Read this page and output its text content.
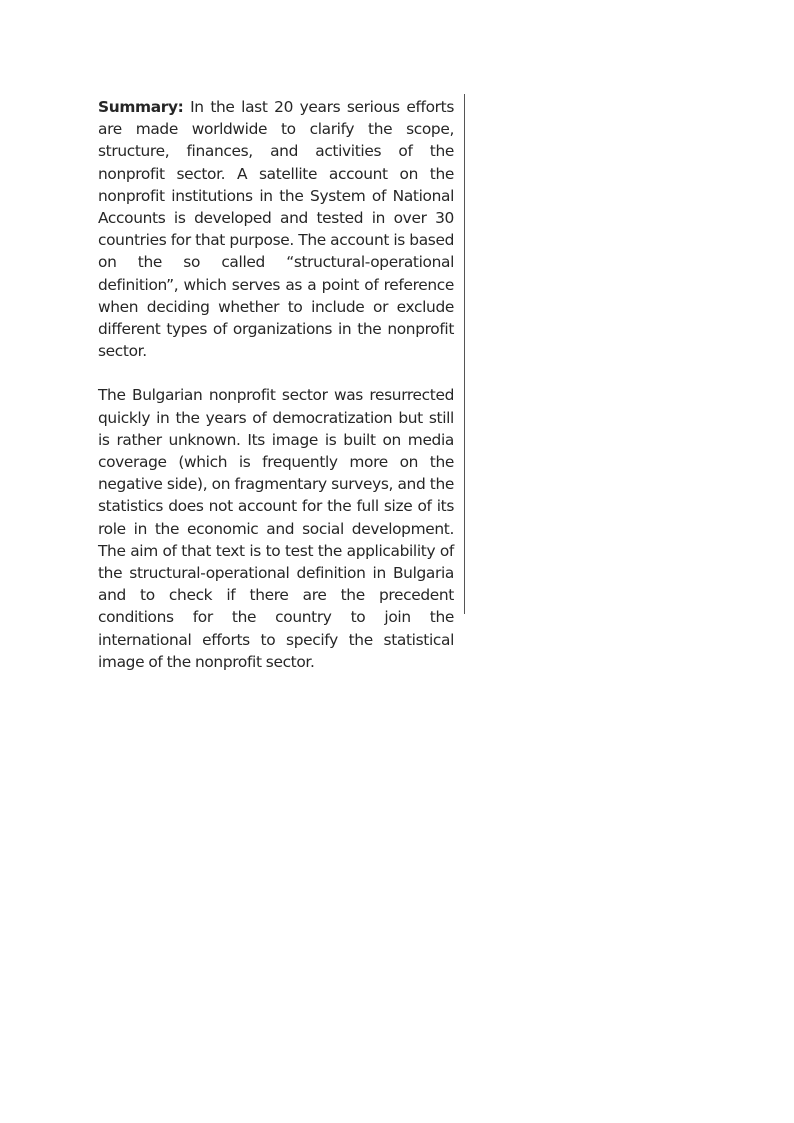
Summary: In the last 20 years serious efforts are made worldwide to clarify the scope, structure, finances, and activities of the nonprofit sector. A satellite account on the nonprofit institutions in the System of National Accounts is developed and tested in over 30 countries for that purpose. The account is based on the so called “structural-operational definition”, which serves as a point of reference when deciding whether to include or exclude different types of organizations in the nonprofit sector.

The Bulgarian nonprofit sector was resurrected quickly in the years of democratization but still is rather unknown. Its image is built on media coverage (which is frequently more on the negative side), on fragmentary surveys, and the statistics does not account for the full size of its role in the economic and social development. The aim of that text is to test the applicability of the structural-operational definition in Bulgaria and to check if there are the precedent conditions for the country to join the international efforts to specify the statistical image of the nonprofit sector.
